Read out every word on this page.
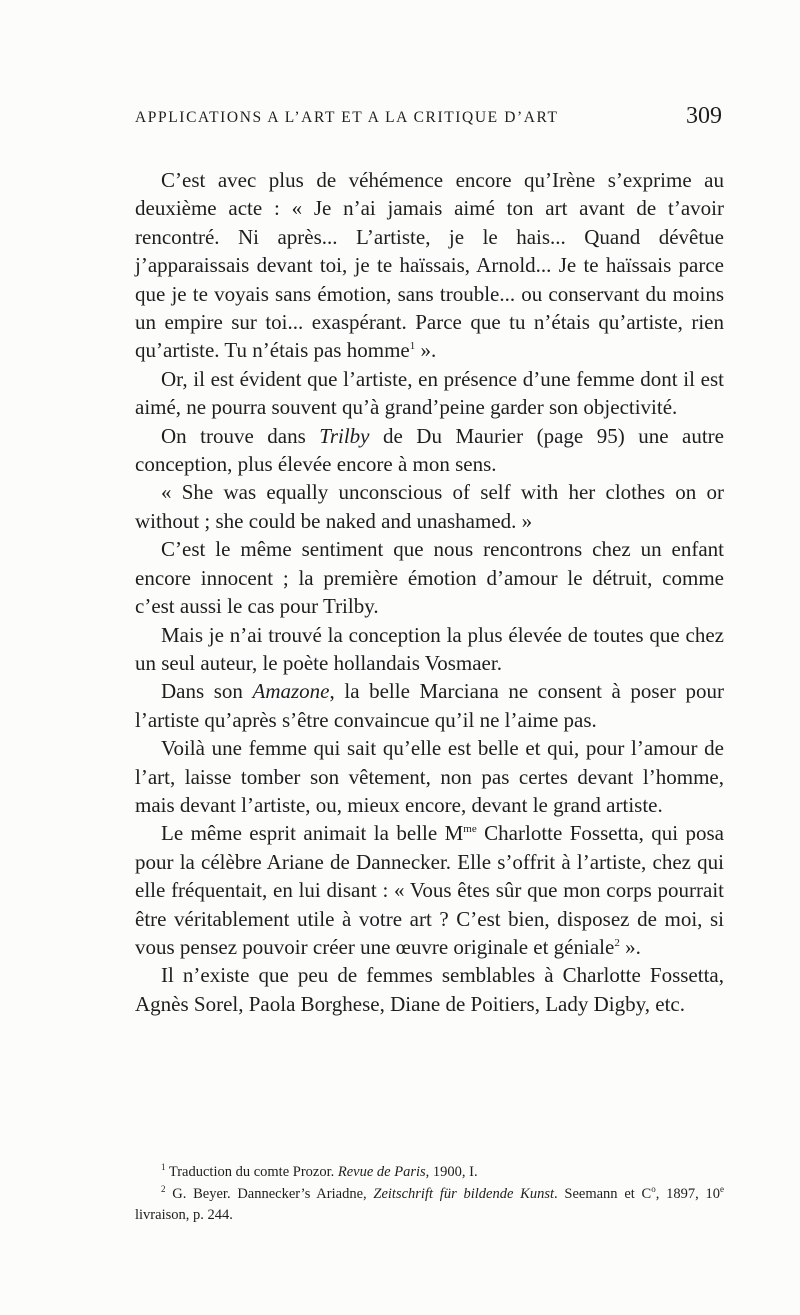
APPLICATIONS A L’ART ET A LA CRITIQUE D’ART	309

C’est avec plus de véhémence encore qu’Irène s’exprime au deuxième acte : « Je n’ai jamais aimé ton art avant de t’avoir rencontré. Ni après... L’artiste, je le hais... Quand dévêtue j’apparaissais devant toi, je te haïssais, Arnold... Je te haïssais parce que je te voyais sans émotion, sans trouble... ou conservant du moins un empire sur toi... exaspérant. Parce que tu n’étais qu’artiste, rien qu’artiste. Tu n’étais pas homme$^1$ ».

Or, il est évident que l’artiste, en présence d’une femme dont il est aimé, ne pourra souvent qu’à grand’peine garder son objectivité.

On trouve dans Trilby de Du Maurier (page 95) une autre conception, plus élevée encore à mon sens.

« She was equally unconscious of self with her clothes on or without ; she could be naked and unashamed. »

C’est le même sentiment que nous rencontrons chez un enfant encore innocent ; la première émotion d’amour le détruit, comme c’est aussi le cas pour Trilby.

Mais je n’ai trouvé la conception la plus élevée de toutes que chez un seul auteur, le poète hollandais Vosmaer.

Dans son Amazone, la belle Marciana ne consent à poser pour l’artiste qu’après s’être convaincue qu’il ne l’aime pas.

Voilà une femme qui sait qu’elle est belle et qui, pour l’amour de l’art, laisse tomber son vêtement, non pas certes devant l’homme, mais devant l’artiste, ou, mieux encore, devant le grand artiste.

Le même esprit animait la belle $M^{me}$ Charlotte Fossetta, qui posa pour la célèbre Ariane de Dannecker. Elle s’offrit à l’artiste, chez qui elle fréquentait, en lui disant : « Vous êtes sûr que mon corps pourrait être véritablement utile à votre art ? C’est bien, disposez de moi, si vous pensez pouvoir créer une œuvre originale et géniale$^2$ ».

Il n’existe que peu de femmes semblables à Charlotte Fossetta, Agnès Sorel, Paola Borghese, Diane de Poitiers, Lady Digby, etc.

$^1$ Traduction du comte Prozor. Revue de Paris, 1900, I.

$^2$ G. Beyer. Dannecker’s Ariadne, Zeitschrift für bildende Kunst. Seemann et $C^o$, 1897, 10e livraison, p. 244.
